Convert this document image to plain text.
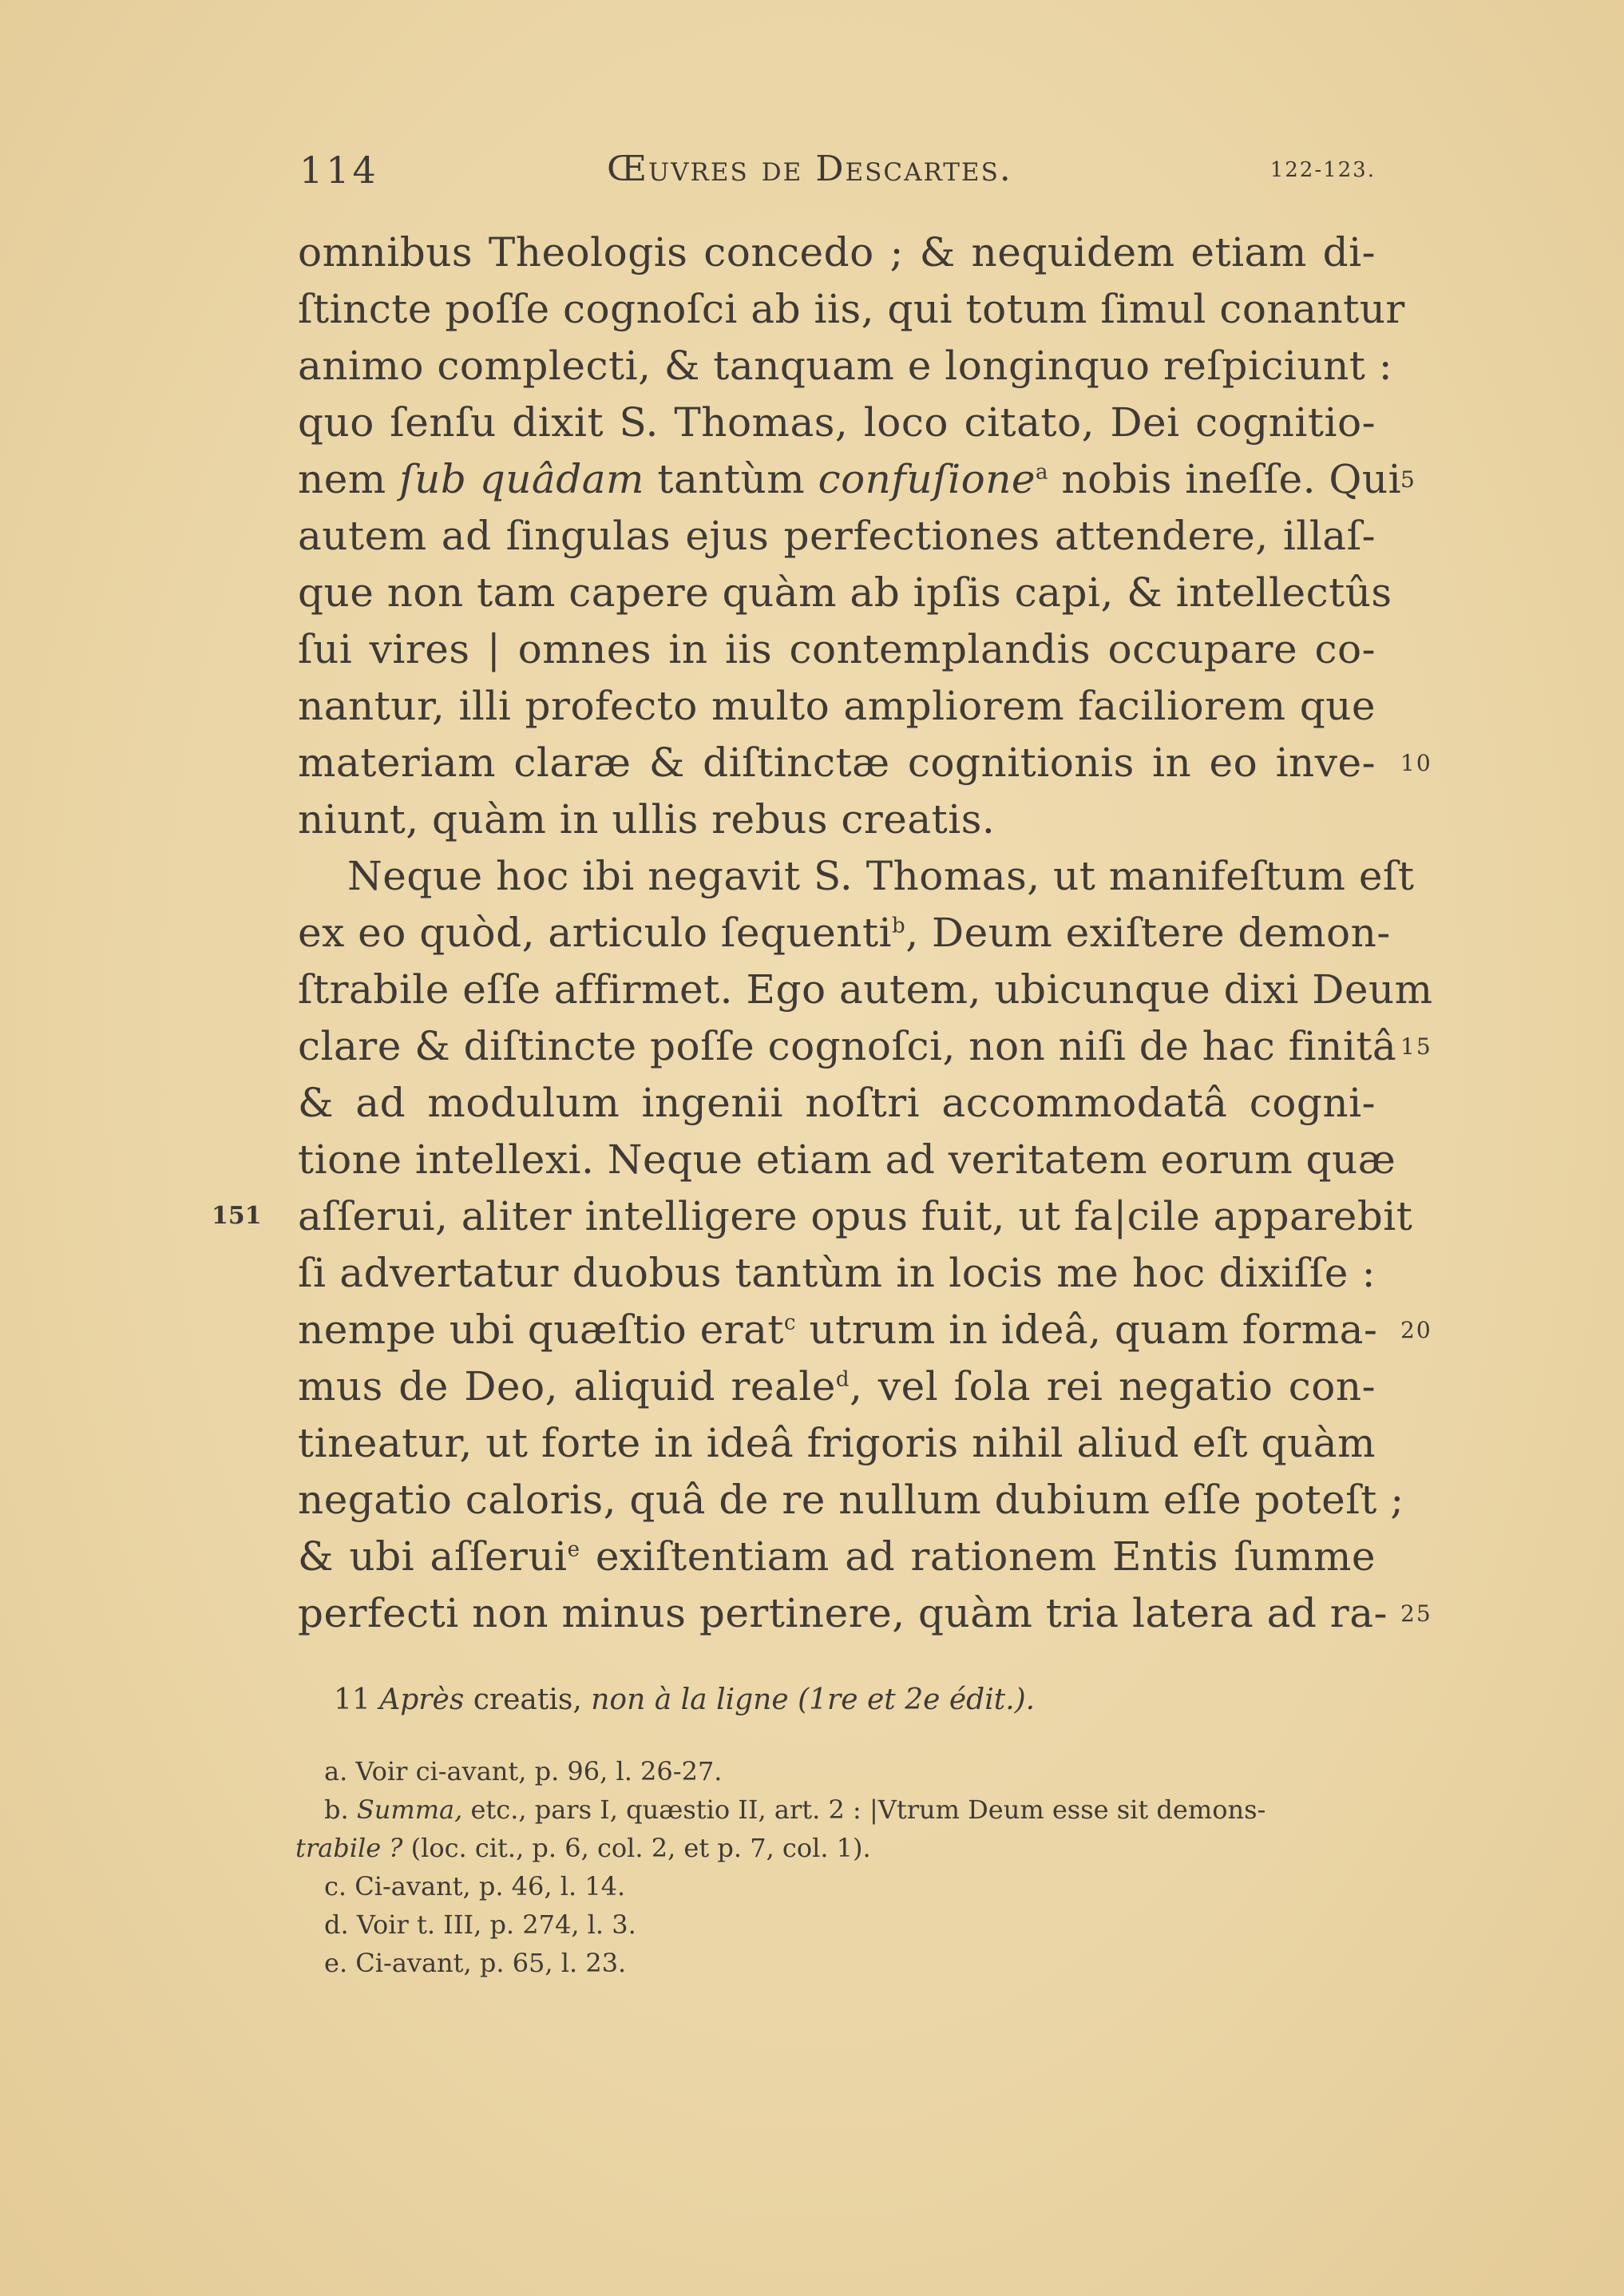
114	Œuvres de Descartes.	122-123.
omnibus Theologis concedo ; & nequidem etiam di-
ſtincte poſſe cognoſci ab iis, qui totum ſimul conantur
animo complecti, & tanquam e longinquo reſpiciunt :
quo ſenſu dixit S. Thomas, loco citato, Dei cognitio-
nem ſub quâdam tantùm confuſione$^a$ nobis ineſſe. Qui
autem ad ſingulas ejus perfectiones attendere, illaſ-
que non tam capere quàm ab ipſis capi, & intellectûs
ſui vires | omnes in iis contemplandis occupare co-
nantur, illi profecto multo ampliorem faciliorem que
materiam claræ & diſtinctæ cognitionis in eo inve-
niunt, quàm in ullis rebus creatis.
Neque hoc ibi negavit S. Thomas, ut manifeſtum eſt
ex eo quòd, articulo ſequenti$^b$, Deum exiſtere demon-
ſtrabile eſſe affirmet. Ego autem, ubicunque dixi Deum
clare & diſtincte poſſe cognoſci, non niſi de hac finitâ
& ad modulum ingenii noſtri accommodatâ cogni-
tione intellexi. Neque etiam ad veritatem eorum quæ
aſſerui, aliter intelligere opus fuit, ut fa|cile apparebit
ſi advertatur duobus tantùm in locis me hoc dixiſſe :
nempe ubi quæſtio erat$^c$ utrum in ideâ, quam forma-
mus de Deo, aliquid reale$^d$, vel ſola rei negatio con-
tineatur, ut forte in ideâ frigoris nihil aliud eſt quàm
negatio caloris, quâ de re nullum dubium eſſe poteſt ;
& ubi aſſerui$^e$ exiſtentiam ad rationem Entis ſumme
perfecti non minus pertinere, quàm tria latera ad ra-
5
10
15
20
25
151
11 Après creatis, non à la ligne (1re et 2e édit.).
a. Voir ci-avant, p. 96, l. 26-27.
b. Summa, etc., pars I, quæstio II, art. 2 : |Vtrum Deum esse sit demons-
trabile ? (loc. cit., p. 6, col. 2, et p. 7, col. 1).
c. Ci-avant, p. 46, l. 14.
d. Voir t. III, p. 274, l. 3.
e. Ci-avant, p. 65, l. 23.
